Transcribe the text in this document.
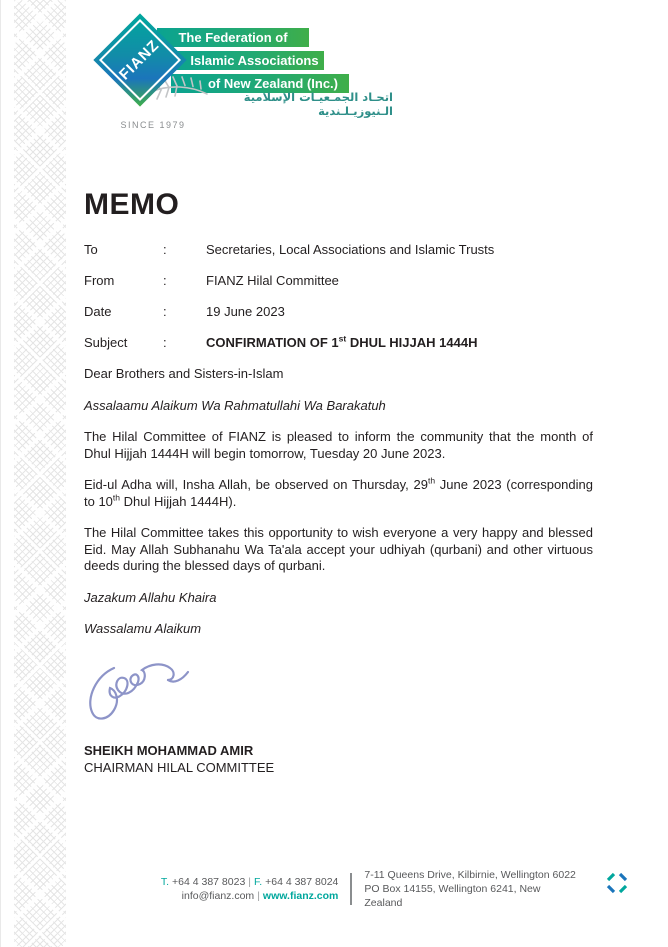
The Federation of
Islamic Associations
of New Zealand (Inc.)
FIANZ
اتحـاد الجمـعيـات الإسلامية الـنيوزيـلـندية
SINCE 1979
MEMO
To	:	Secretaries, Local Associations and Islamic Trusts
From	:	FIANZ Hilal Committee
Date	:	19 June 2023
Subject	:	CONFIRMATION OF 1st DHUL HIJJAH 1444H

Dear Brothers and Sisters-in-Islam

Assalaamu Alaikum Wa Rahmatullahi Wa Barakatuh

The Hilal Committee of FIANZ is pleased to inform the community that the month of Dhul Hijjah 1444H will begin tomorrow, Tuesday 20 June 2023.

Eid-ul Adha will, Insha Allah, be observed on Thursday, 29th June 2023 (corresponding to 10th Dhul Hijjah 1444H).

The Hilal Committee takes this opportunity to wish everyone a very happy and blessed Eid. May Allah Subhanahu Wa Ta'ala accept your udhiyah (qurbani) and other virtuous deeds during the blessed days of qurbani.

Jazakum Allahu Khaira

Wassalamu Alaikum

SHEIKH MOHAMMAD AMIR
CHAIRMAN HILAL COMMITTEE
T. +64 4 387 8023 | F. +64 4 387 8024
info@fianz.com | www.fianz.com
7-11 Queens Drive, Kilbirnie, Wellington 6022
PO Box 14155, Wellington 6241, New Zealand
